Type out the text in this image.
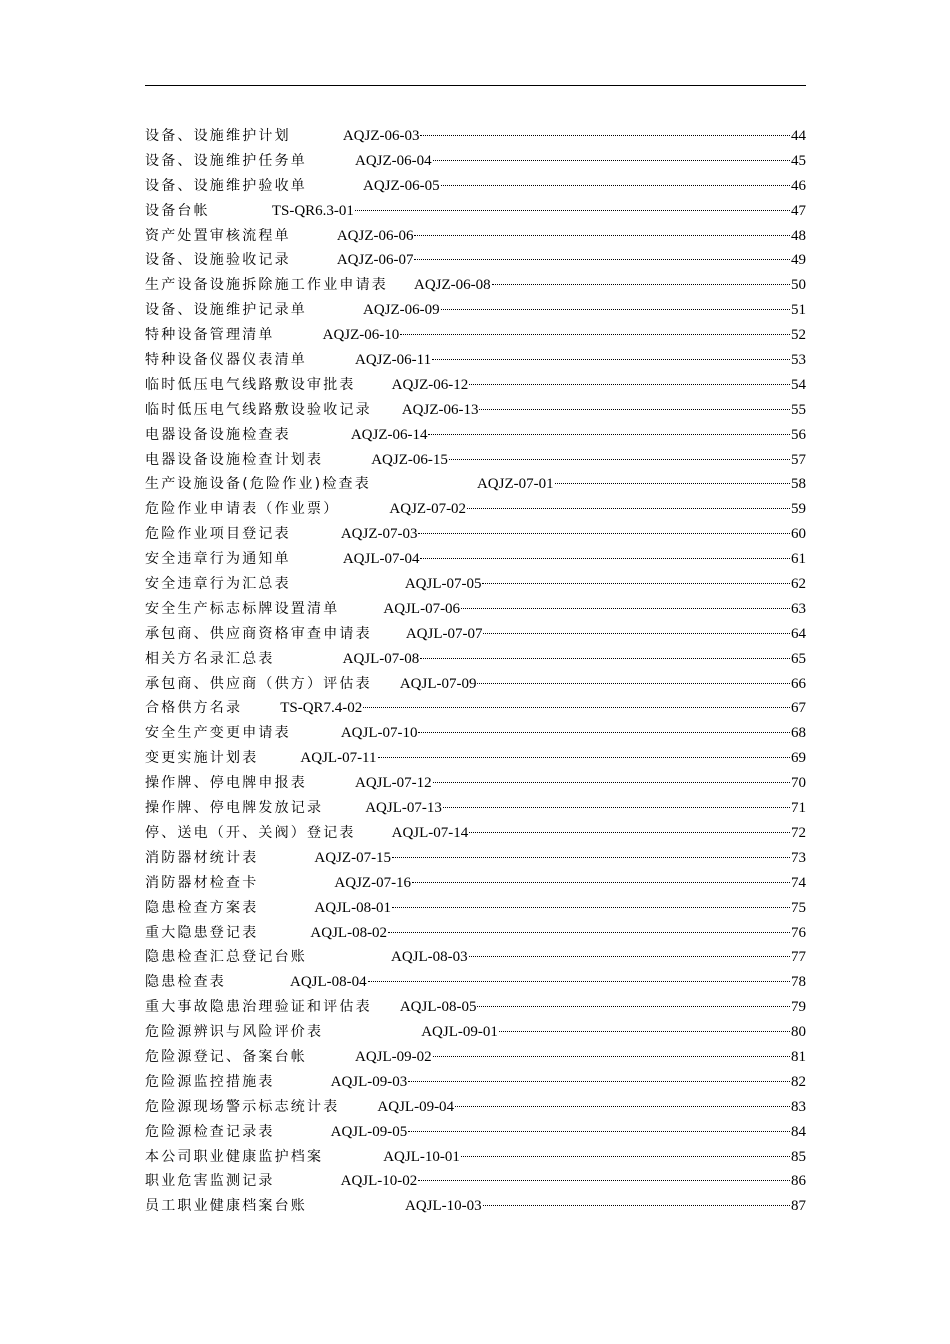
设备、设施维护计划	AQJZ-06-03	44
设备、设施维护任务单	AQJZ-06-04	45
设备、设施维护验收单	AQJZ-06-05	46
设备台帐	TS-QR6.3-01	47
资产处置审核流程单	AQJZ-06-06	48
设备、设施验收记录	AQJZ-06-07	49
生产设备设施拆除施工作业申请表 AQJZ-06-08	50
设备、设施维护记录单	AQJZ-06-09	51
特种设备管理清单	AQJZ-06-10	52
特种设备仪器仪表清单	AQJZ-06-11	53
临时低压电气线路敷设审批表 AQJZ-06-12	54
临时低压电气线路敷设验收记录 AQJZ-06-13	55
电器设备设施检查表	AQJZ-06-14	56
电器设备设施检查计划表	AQJZ-06-15	57
生产设施设备(危险作业)检查表	AQJZ-07-01	58
危险作业申请表（作业票）	AQJZ-07-02	59
危险作业项目登记表	AQJZ-07-03	60
安全违章行为通知单	AQJL-07-04	61
安全违章行为汇总表	AQJL-07-05	62
安全生产标志标牌设置清单	AQJL-07-06	63
承包商、供应商资格审查申请表 AQJL-07-07	64
相关方名录汇总表	AQJL-07-08	65
承包商、供应商（供方）评估表 AQJL-07-09	66
合格供方名录	TS-QR7.4-02	67
安全生产变更申请表	AQJL-07-10	68
变更实施计划表	AQJL-07-11	69
操作牌、停电牌申报表	AQJL-07-12	70
操作牌、停电牌发放记录	AQJL-07-13	71
停、送电（开、关阀）登记表 AQJL-07-14	72
消防器材统计表	AQJZ-07-15	73
消防器材检查卡	AQJZ-07-16	74
隐患检查方案表	AQJL-08-01	75
重大隐患登记表	AQJL-08-02	76
隐患检查汇总登记台账	AQJL-08-03	77
隐患检查表	AQJL-08-04	78
重大事故隐患治理验证和评估表 AQJL-08-05	79
危险源辨识与风险评价表	AQJL-09-01	80
危险源登记、备案台帐	AQJL-09-02	81
危险源监控措施表	AQJL-09-03	82
危险源现场警示标志统计表	AQJL-09-04	83
危险源检查记录表	AQJL-09-05	84
本公司职业健康监护档案	AQJL-10-01	85
职业危害监测记录	AQJL-10-02	86
员工职业健康档案台账	AQJL-10-03	87
